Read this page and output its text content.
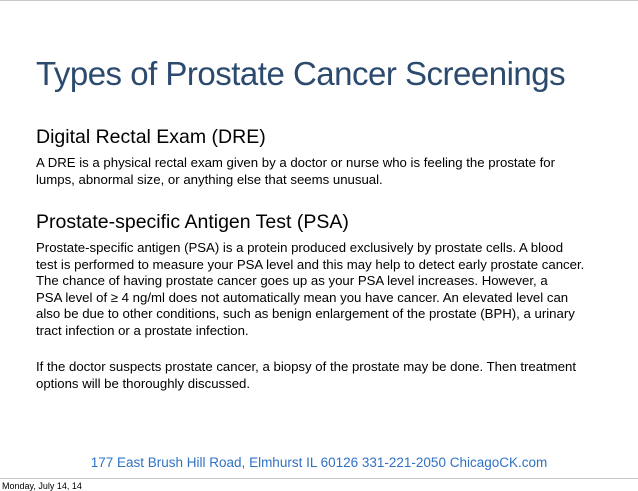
Types of Prostate Cancer Screenings
Digital Rectal Exam (DRE)
A DRE is a physical rectal exam given by a doctor or nurse who is feeling the prostate for
lumps, abnormal size, or anything else that seems unusual.
Prostate-specific Antigen Test (PSA)
Prostate-specific antigen (PSA) is a protein produced exclusively by prostate cells. A blood
test is performed to measure your PSA level and this may help to detect early prostate cancer.
The chance of having prostate cancer goes up as your PSA level increases. However, a
PSA level of ≥ 4 ng/ml does not automatically mean you have cancer. An elevated level can
also be due to other conditions, such as benign enlargement of the prostate (BPH), a urinary
tract infection or a prostate infection.
If the doctor suspects prostate cancer, a biopsy of the prostate may be done. Then treatment
options will be thoroughly discussed.
177 East Brush Hill Road, Elmhurst IL 60126 331-221-2050 ChicagoCK.com
Monday, July 14, 14
